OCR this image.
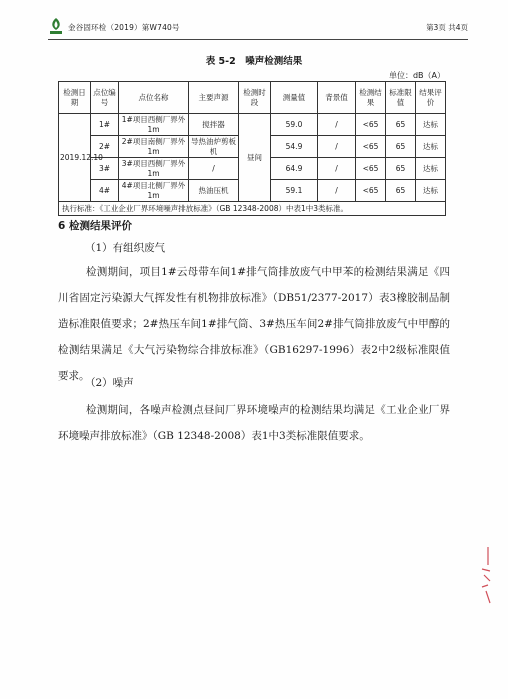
金谷固环检（2019）第W740号	第3页 共4页
表 5-2　噪声检测结果
单位：dB（A）
检测日期	点位编号	点位名称	主要声源	检测时段	测量值	背景值	检测结果	标准限值	结果评价
2019.12.10	1#	1#项目西侧厂界外1m	搅拌器	昼间	59.0	/	<65	65	达标
	2#	2#项目南侧厂界外1m	导热油炉剪板机		54.9	/	<65	65	达标
	3#	3#项目西侧厂界外1m	/		64.9	/	<65	65	达标
	4#	4#项目北侧厂界外1m	热油压机		59.1	/	<65	65	达标
执行标准：《工业企业厂界环境噪声排放标准》（GB 12348-2008）中表1中3类标准。									
6 检测结果评价
（1）有组织废气
检测期间，项目1#云母带车间1#排气筒排放废气中甲苯的检测结果满足《四川省固定污染源大气挥发性有机物排放标准》（DB51/2377-2017）表3橡胶制品制造标准限值要求；2#热压车间1#排气筒、3#热压车间2#排气筒排放废气中甲醇的检测结果满足《大气污染物综合排放标准》（GB16297-1996）表2中2级标准限值要求。
（2）噪声
检测期间，各噪声检测点昼间厂界环境噪声的检测结果均满足《工业企业厂界环境噪声排放标准》（GB 12348-2008）表1中3类标准限值要求。
